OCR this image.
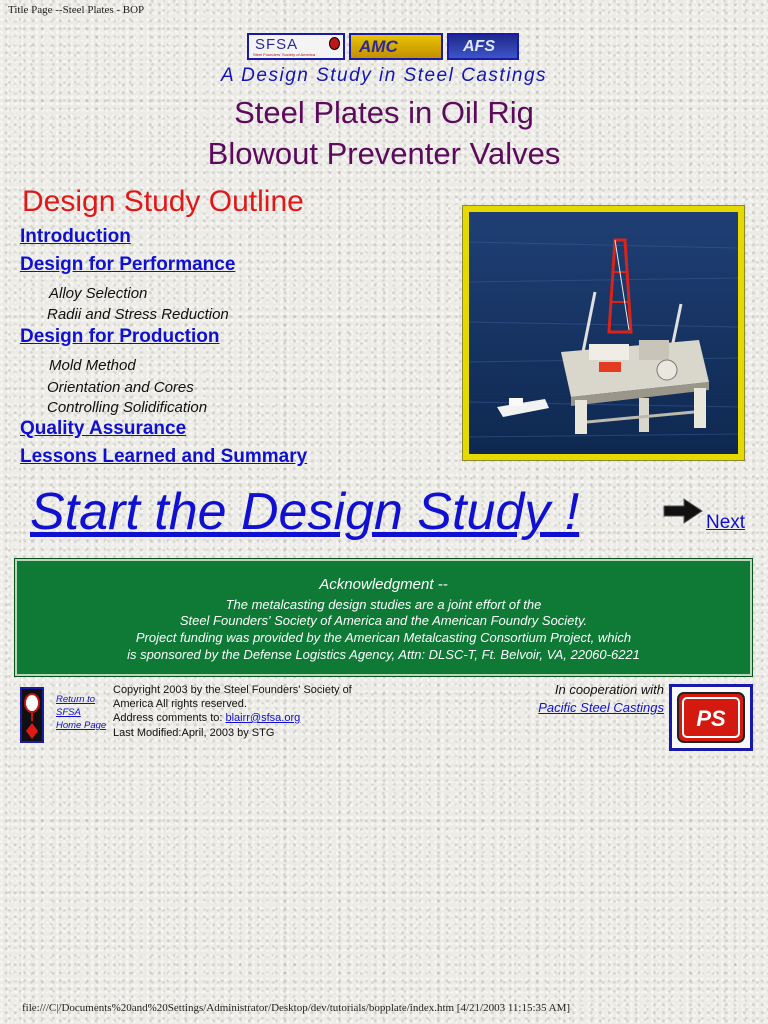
Title Page --Steel Plates - BOP
SFSA
Steel Founders' Society of America	AMC	AFS
A Design Study in Steel Castings
Steel Plates in Oil Rig
Blowout Preventer Valves
Design Study Outline
Introduction
Design for Performance
Alloy Selection
Radii and Stress Reduction
Design for Production
Mold Method
Orientation and Cores
Controlling Solidification
Quality Assurance
Lessons Learned and Summary
Start the Design Study !	Next
Acknowledgment --
The metalcasting design studies are a joint effort of the
Steel Founders' Society of America and the American Foundry Society.
Project funding was provided by the American Metalcasting Consortium Project, which
is sponsored by the Defense Logistics Agency, Attn: DLSC-T, Ft. Belvoir, VA, 22060-6221
Return to
SFSA
Home Page
Copyright 2003 by the Steel Founders' Society of
America All rights reserved.
Address comments to: blairr@sfsa.org
Last Modified:April, 2003 by STG
In cooperation with
Pacific Steel Castings PS
file:///C|/Documents%20and%20Settings/Administrator/Desktop/dev/tutorials/bopplate/index.htm [4/21/2003 11:15:35 AM]
